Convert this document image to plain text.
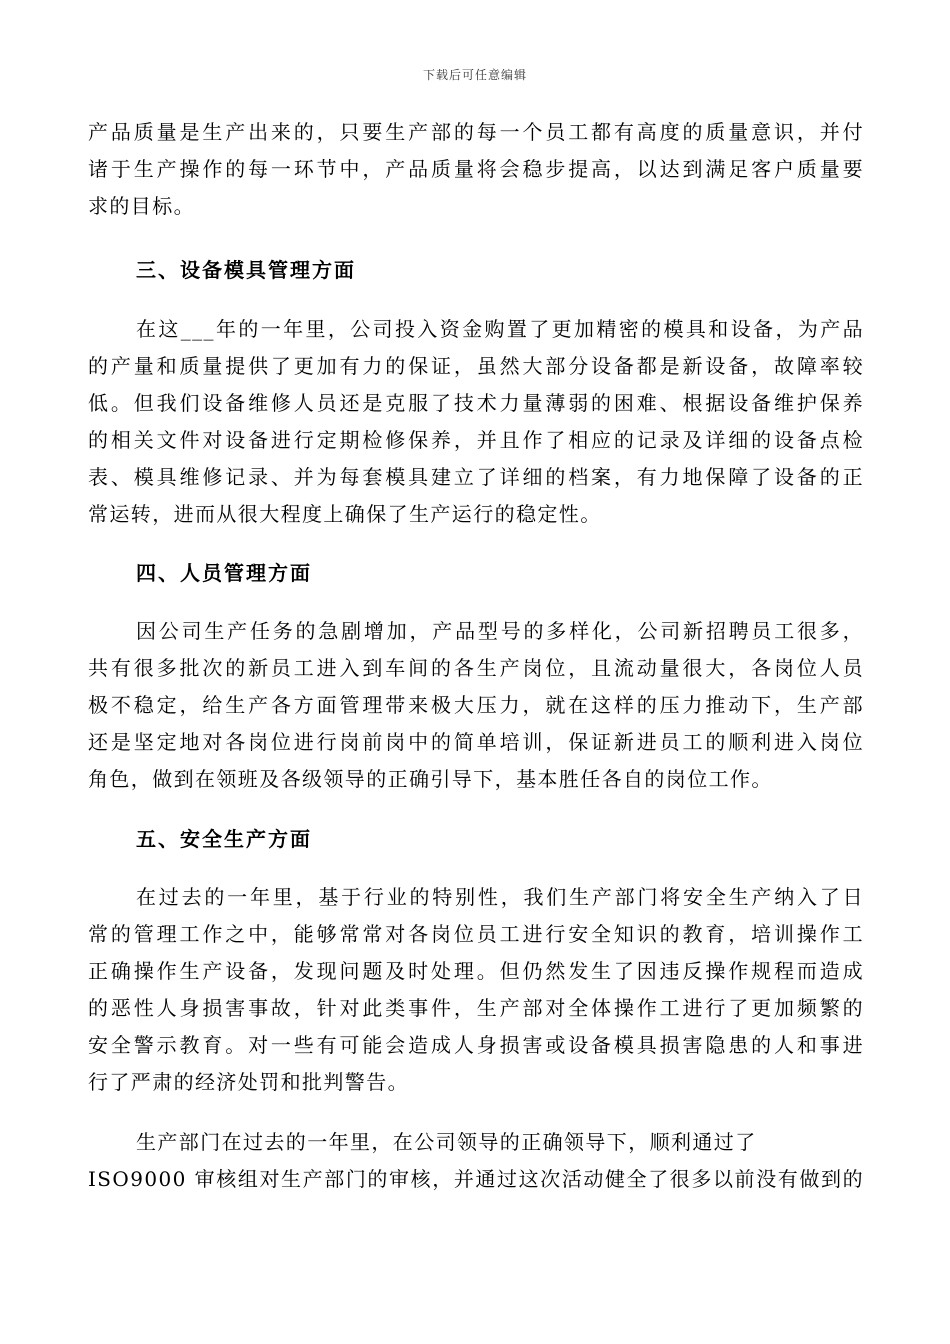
下载后可任意编辑
产品质量是生产出来的，只要生产部的每一个员工都有高度的质量意识，并付
诸于生产操作的每一环节中，产品质量将会稳步提高，以达到满足客户质量要
求的目标。
三、设备模具管理方面
在这___年的一年里，公司投入资金购置了更加精密的模具和设备，为产品
的产量和质量提供了更加有力的保证，虽然大部分设备都是新设备，故障率较
低。但我们设备维修人员还是克服了技术力量薄弱的困难、根据设备维护保养
的相关文件对设备进行定期检修保养，并且作了相应的记录及详细的设备点检
表、模具维修记录、并为每套模具建立了详细的档案，有力地保障了设备的正
常运转，进而从很大程度上确保了生产运行的稳定性。
四、人员管理方面
因公司生产任务的急剧增加，产品型号的多样化，公司新招聘员工很多，
共有很多批次的新员工进入到车间的各生产岗位，且流动量很大，各岗位人员
极不稳定，给生产各方面管理带来极大压力，就在这样的压力推动下，生产部
还是坚定地对各岗位进行岗前岗中的简单培训，保证新进员工的顺利进入岗位
角色，做到在领班及各级领导的正确引导下，基本胜任各自的岗位工作。
五、安全生产方面
在过去的一年里，基于行业的特别性，我们生产部门将安全生产纳入了日
常的管理工作之中，能够常常对各岗位员工进行安全知识的教育，培训操作工
正确操作生产设备，发现问题及时处理。但仍然发生了因违反操作规程而造成
的恶性人身损害事故，针对此类事件，生产部对全体操作工进行了更加频繁的
安全警示教育。对一些有可能会造成人身损害或设备模具损害隐患的人和事进
行了严肃的经济处罚和批判警告。
生产部门在过去的一年里，在公司领导的正确领导下，顺利通过了
ISO9000 审核组对生产部门的审核，并通过这次活动健全了很多以前没有做到的
